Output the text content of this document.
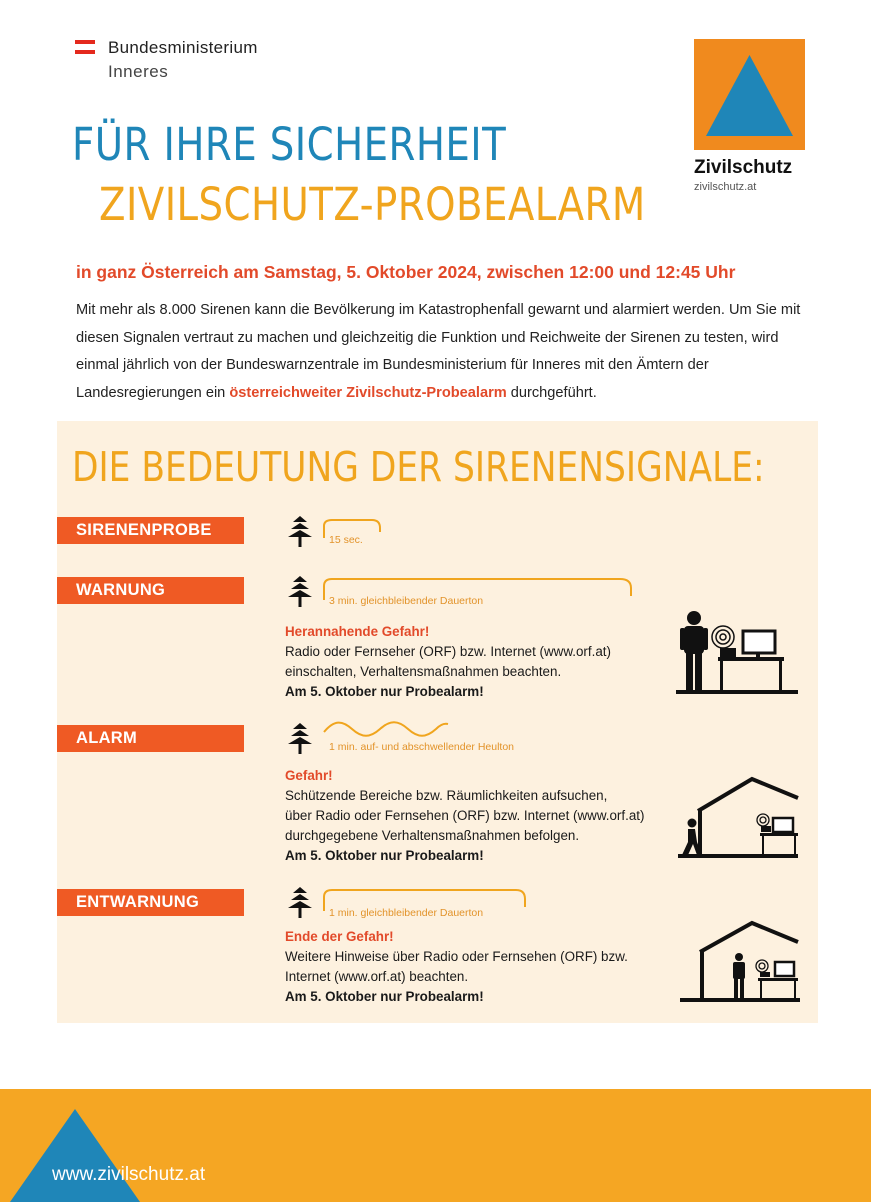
Bundesministerium
Inneres
Zivilschutz
zivilschutz.at
FÜR IHRE SICHERHEIT
ZIVILSCHUTZ-PROBEALARM
in ganz Österreich am Samstag, 5. Oktober 2024, zwischen 12:00 und 12:45 Uhr
Mit mehr als 8.000 Sirenen kann die Bevölkerung im Katastrophenfall gewarnt und alarmiert werden. Um Sie mit diesen Signalen vertraut zu machen und gleichzeitig die Funktion und Reichweite der Sirenen zu testen, wird einmal jährlich von der Bundeswarnzentrale im Bundesministerium für Inneres mit den Ämtern der Landesregierungen ein österreichweiter Zivilschutz-Probealarm durchgeführt.
DIE BEDEUTUNG DER SIRENENSIGNALE:
SIRENENPROBE
15 sec.
WARNUNG
3 min. gleichbleibender Dauerton
Herannahende Gefahr!
Radio oder Fernseher (ORF) bzw. Internet (www.orf.at)
einschalten, Verhaltensmaßnahmen beachten.
Am 5. Oktober nur Probealarm!
ALARM	1 min. auf- und abschwellender Heulton
Gefahr!
Schützende Bereiche bzw. Räumlichkeiten aufsuchen,
über Radio oder Fernsehen (ORF) bzw. Internet (www.orf.at)
durchgegebene Verhaltensmaßnahmen befolgen.
Am 5. Oktober nur Probealarm!
ENTWARNUNG
1 min. gleichbleibender Dauerton
Ende der Gefahr!
Weitere Hinweise über Radio oder Fernsehen (ORF) bzw.
Internet (www.orf.at) beachten.
Am 5. Oktober nur Probealarm!
www.zivilschutz.at
